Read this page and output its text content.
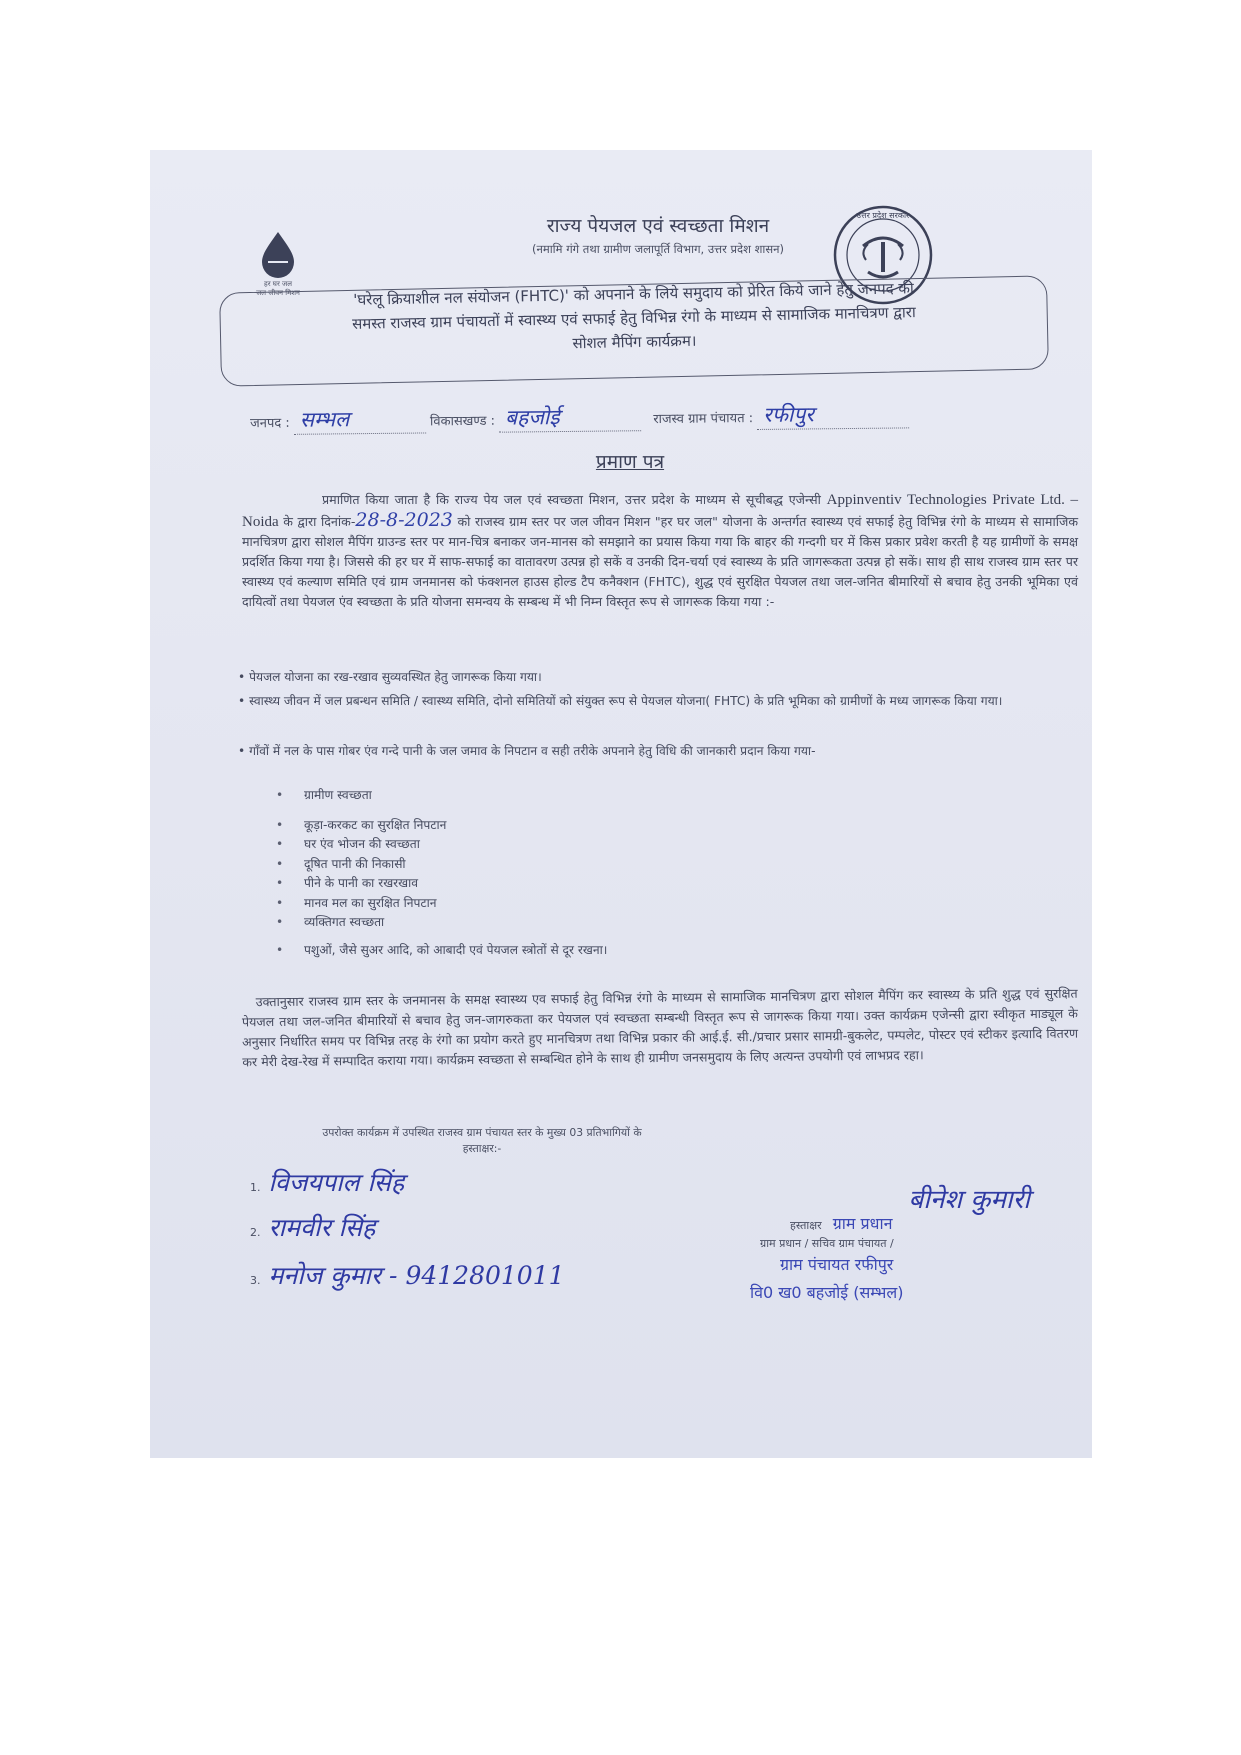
हर घर जल
जल जीवन मिशन
उत्तर प्रदेश सरकार
राज्य पेयजल एवं स्वच्छता मिशन
(नमामि गंगे तथा ग्रामीण जलापूर्ति विभाग, उत्तर प्रदेश शासन)
'घरेलू क्रियाशील नल संयोजन (FHTC)' को अपनाने के लिये समुदाय को प्रेरित किये जाने हेतु जनपद की
समस्त राजस्व ग्राम पंचायतों में स्वास्थ्य एवं सफाई हेतु विभिन्न रंगो के माध्यम से सामाजिक मानचित्रण द्वारा
सोशल मैपिंग कार्यक्रम।
जनपद : सम्भल	विकासखण्ड : बहजोई	राजस्व ग्राम पंचायत : रफीपुर
प्रमाण पत्र
प्रमाणित किया जाता है कि राज्य पेय जल एवं स्वच्छता मिशन, उत्तर प्रदेश के माध्यम से सूचीबद्ध एजेन्सी Appinventiv Technologies Private Ltd. – Noida के द्वारा दिनांक-28-8-2023 को राजस्व ग्राम स्तर पर जल जीवन मिशन "हर घर जल" योजना के अन्तर्गत स्वास्थ्य एवं सफाई हेतु विभिन्न रंगो के माध्यम से सामाजिक मानचित्रण द्वारा सोशल मैपिंग ग्राउन्ड स्तर पर मान-चित्र बनाकर जन-मानस को समझाने का प्रयास किया गया कि बाहर की गन्दगी घर में किस प्रकार प्रवेश करती है यह ग्रामीणों के समक्ष प्रदर्शित किया गया है। जिससे की हर घर में साफ-सफाई का वातावरण उत्पन्न हो सकें व उनकी दिन-चर्या एवं स्वास्थ्य के प्रति जागरूकता उत्पन्न हो सकें। साथ ही साथ राजस्व ग्राम स्तर पर स्वास्थ्य एवं कल्याण समिति एवं ग्राम जनमानस को फंक्शनल हाउस होल्ड टैप कनैक्शन (FHTC), शुद्ध एवं सुरक्षित पेयजल तथा जल-जनित बीमारियों से बचाव हेतु उनकी भूमिका एवं दायित्वों तथा पेयजल एंव स्वच्छता के प्रति योजना समन्वय के सम्बन्ध में भी निम्न विस्तृत रूप से जागरूक किया गया :-
• पेयजल योजना का रख-रखाव सुव्यवस्थित हेतु जागरूक किया गया।
• स्वास्थ्य जीवन में जल प्रबन्धन समिति / स्वास्थ्य समिति, दोनो समितियों को संयुक्त रूप से पेयजल योजना( FHTC) के प्रति भूमिका को ग्रामीणों के मध्य जागरूक किया गया।
• गाँवों में नल के पास गोबर एंव गन्दे पानी के जल जमाव के निपटान व सही तरीके अपनाने हेतु विधि की जानकारी प्रदान किया गया-
• ग्रामीण स्वच्छता
• कूड़ा-करकट का सुरक्षित निपटान
• घर एंव भोजन की स्वच्छता
• दूषित पानी की निकासी
• पीने के पानी का रखरखाव
• मानव मल का सुरक्षित निपटान
• व्यक्तिगत स्वच्छता
• पशुओं, जैसे सुअर आदि, को आबादी एवं पेयजल स्त्रोतों से दूर रखना।
उक्तानुसार राजस्व ग्राम स्तर के जनमानस के समक्ष स्वास्थ्य एव सफाई हेतु विभिन्न रंगो के माध्यम से सामाजिक मानचित्रण द्वारा सोशल मैपिंग कर स्वास्थ्य के प्रति शुद्ध एवं सुरक्षित पेयजल तथा जल-जनित बीमारियों से बचाव हेतु जन-जागरुकता कर पेयजल एवं स्वच्छता सम्बन्धी विस्तृत रूप से जागरूक किया गया। उक्त कार्यक्रम एजेन्सी द्वारा स्वीकृत माड्यूल के अनुसार निर्धारित समय पर विभिन्न तरह के रंगो का प्रयोग करते हुए मानचित्रण तथा विभिन्न प्रकार की आई.ई. सी./प्रचार प्रसार सामग्री-बुकलेट, पम्पलेट, पोस्टर एवं स्टीकर इत्यादि वितरण कर मेरी देख-रेख में सम्पादित कराया गया। कार्यक्रम स्वच्छता से सम्बन्धित होने के साथ ही ग्रामीण जनसमुदाय के लिए अत्यन्त उपयोगी एवं लाभप्रद रहा।
उपरोक्त कार्यक्रम में उपस्थित राजस्व ग्राम पंचायत स्तर के मुख्य 03 प्रतिभागियों के
हस्ताक्षर:-
1. विजयपाल सिंह
2. रामवीर सिंह
3. मनोज कुमार - 9412801011
बीनेश कुमारी
हस्ताक्षर ग्राम प्रधान
ग्राम प्रधान / सचिव ग्राम पंचायत /
ग्राम पंचायत रफीपुर
वि0 ख0 बहजोई (सम्भल)
